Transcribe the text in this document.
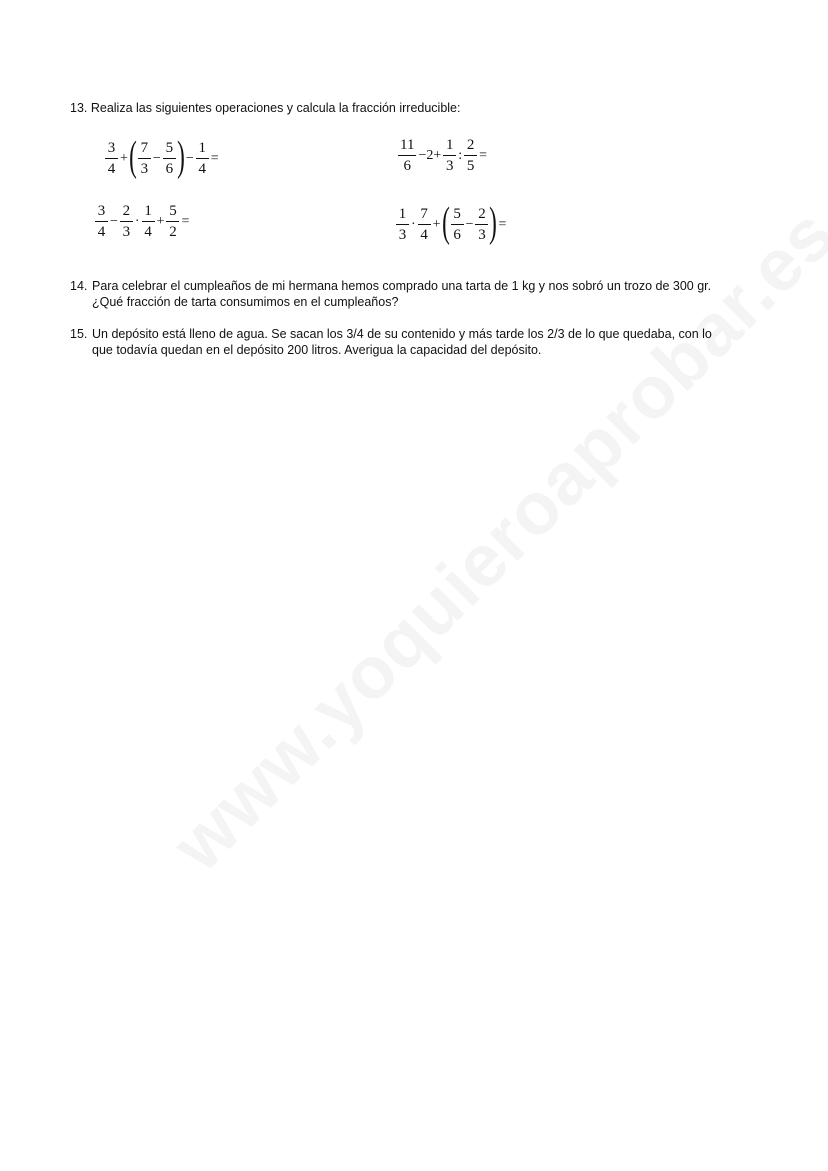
13. Realiza las siguientes operaciones y calcula la fracción irreducible:
$\frac{3}{4}$ + ( $\frac{7}{3} - \frac{5}{6}$ ) − $\frac{1}{4}$ =	$\frac{11}{6} -2+ \frac{1}{3}$ : $\frac{2}{5}$ =
$\frac{3}{4} - \frac{2}{3} \cdot \frac{1}{4} + \frac{5}{2}$ =	$\frac{1}{3} \cdot \frac{7}{4}$ + ( $\frac{5}{6} - \frac{2}{3}$ ) =
14. Para celebrar el cumpleaños de mi hermana hemos comprado una tarta de 1 kg y nos sobró un trozo de 300 gr.
¿Qué fracción de tarta consumimos en el cumpleaños?
15. Un depósito está lleno de agua. Se sacan los 3/4 de su contenido y más tarde los 2/3 de lo que quedaba, con lo
que todavía quedan en el depósito 200 litros. Averigua la capacidad del depósito.
